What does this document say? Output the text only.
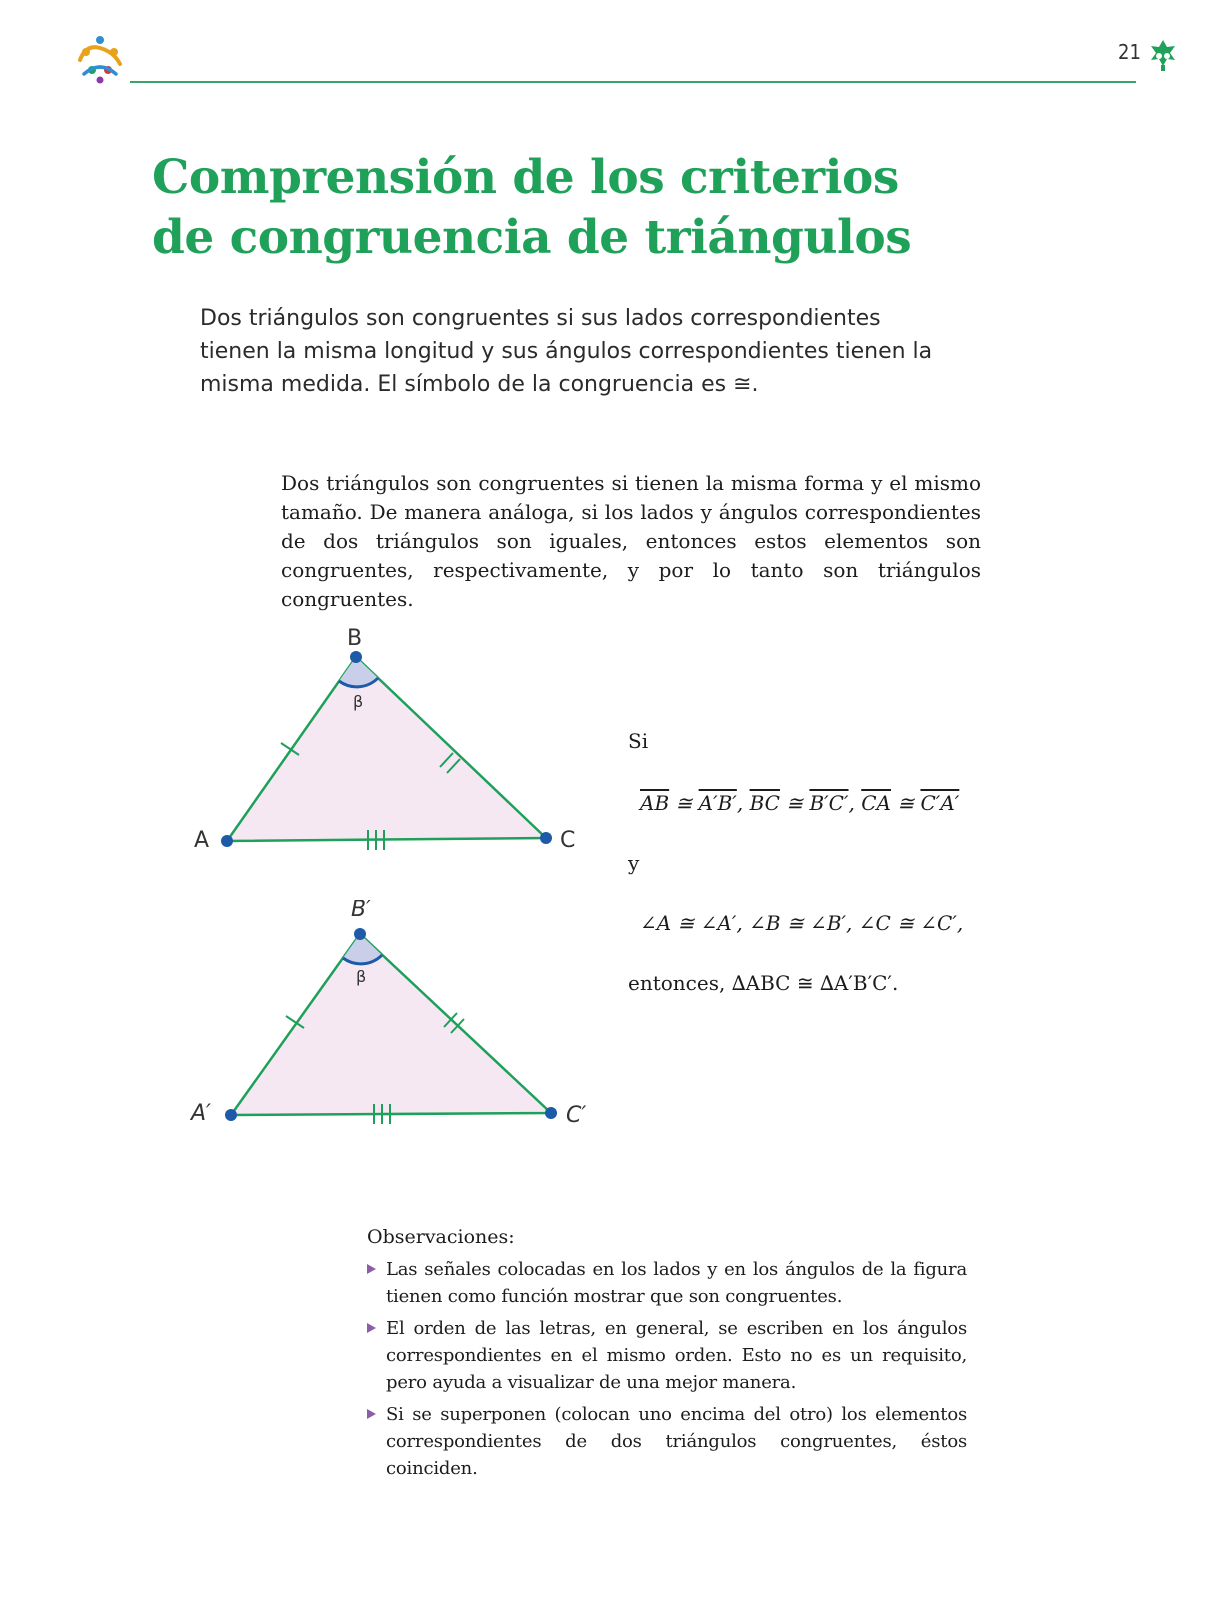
21
Comprensión de los criterios
de congruencia de triángulos

Dos triángulos son congruentes si sus lados correspondientes tienen la misma longitud y sus ángulos correspondientes tienen la misma medida. El símbolo de la congruencia es ≅.

Dos triángulos son congruentes si tienen la misma forma y el mismo tamaño. De manera análoga, si los lados y ángulos correspondientes de dos triángulos son iguales, entonces estos elementos son congruentes, respectivamente, y por lo tanto son triángulos congruentes.

A
B
C
β
A′
B′
C′
β
Si
$\overline{AB}$ ≅ A′B′, $\overline{BC}$ ≅ B′C′, $\overline{CA}$ ≅ C′A′
y
∠A ≅ ∠A′, ∠B ≅ ∠B′, ∠C ≅ ∠C′,
entonces, ∆ABC ≅ ∆A′B′C′.
Observaciones:
Las señales colocadas en los lados y en los ángulos de la figura tienen como función mostrar que son congruentes.
El orden de las letras, en general, se escriben en los ángulos correspondientes en el mismo orden. Esto no es un requisito, pero ayuda a visualizar de una mejor manera.
Si se superponen (colocan uno encima del otro) los elementos correspondientes de dos triángulos congruentes, éstos coinciden.
